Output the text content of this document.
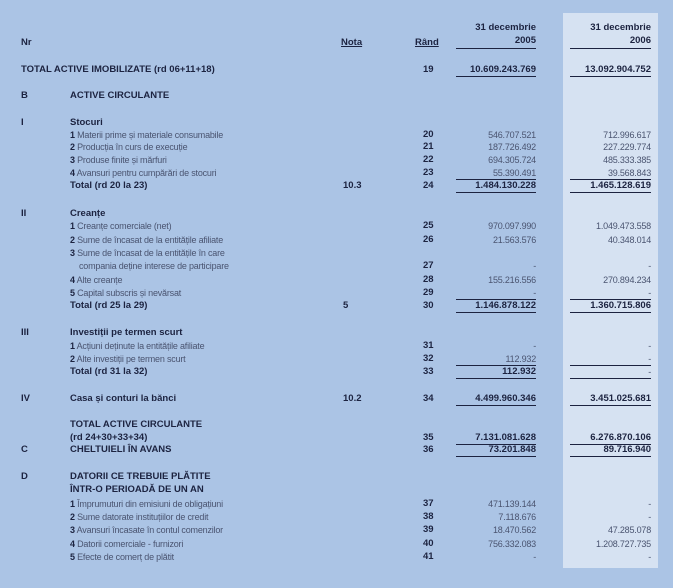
Nr	Nota	Rând
31 decembrie	31 decembrie
2005	2006
TOTAL ACTIVE IMOBILIZATE (rd 06+11+18)	19	10.609.243.769	13.092.904.752
B	ACTIVE CIRCULANTE
I	Stocuri
1 Materii prime și materiale consumabile	20	546.707.521	712.996.617
2 Producția în curs de execuție	21	187.726.492	227.229.774
3 Produse finite și mărfuri	22	694.305.724	485.333.385
4 Avansuri pentru cumpărări de stocuri	23	55.390.491	39.568.843
Total (rd 20 la 23)	10.3	24	1.484.130.228	1.465.128.619
II	Creanțe
1 Creanțe comerciale (net)	25	970.097.990	1.049.473.558
2 Sume de încasat de la entitățile afiliate	26	21.563.576	40.348.014
3 Sume de încasat de la entitățile în care
compania deține interese de participare	27	-	-
4 Alte creanțe	28	155.216.556	270.894.234
5 Capital subscris și nevărsat	29	-	-
Total (rd 25 la 29)	5	30	1.146.878.122	1.360.715.806
III	Investiții pe termen scurt
1 Acțiuni deținute la entitățile afiliate	31	-	-
2 Alte investiții pe termen scurt	32	112.932	-
Total (rd 31 la 32)	33	112.932	-
IV	Casa și conturi la bănci	10.2	34	4.499.960.346	3.451.025.681
TOTAL ACTIVE CIRCULANTE
(rd 24+30+33+34)	35	7.131.081.628	6.276.870.106
C	CHELTUIELI ÎN AVANS	36	73.201.848	89.716.940
D	DATORII CE TREBUIE PLĂTITE
ÎNTR-O PERIOADĂ DE UN AN
1 Împrumuturi din emisiuni de obligațiuni	37	471.139.144	-
2 Sume datorate instituțiilor de credit	38	7.118.676	-
3 Avansuri încasate în contul comenzilor	39	18.470.562	47.285.078
4 Datorii comerciale - furnizori	40	756.332.083	1.208.727.735
5 Efecte de comerț de plătit	41	-	-
